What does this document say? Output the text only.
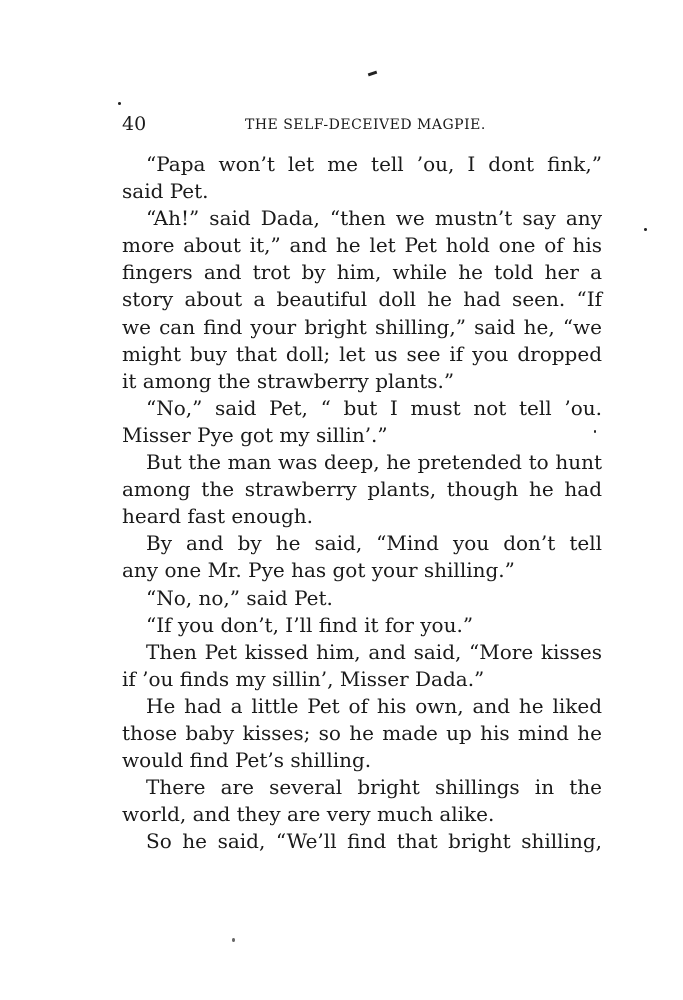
40	THE SELF-DECEIVED MAGPIE.
“Papa won’t let me tell ’ou, I dont fink,”
said Pet.
“Ah!” said Dada, “then we mustn’t say any
more about it,” and he let Pet hold one of his
fingers and trot by him, while he told her a
story about a beautiful doll he had seen. “If
we can find your bright shilling,” said he, “we
might buy that doll; let us see if you dropped
it among the strawberry plants.”
“No,” said Pet, “ but I must not tell ’ou.
Misser Pye got my sillin’.”
But the man was deep, he pretended to hunt
among the strawberry plants, though he had
heard fast enough.
By and by he said, “Mind you don’t tell
any one Mr. Pye has got your shilling.”
“No, no,” said Pet.
“If you don’t, I’ll find it for you.”
Then Pet kissed him, and said, “More kisses
if ’ou finds my sillin’, Misser Dada.”
He had a little Pet of his own, and he liked
those baby kisses; so he made up his mind he
would find Pet’s shilling.
There are several bright shillings in the
world, and they are very much alike.
So he said, “We’ll find that bright shilling,
